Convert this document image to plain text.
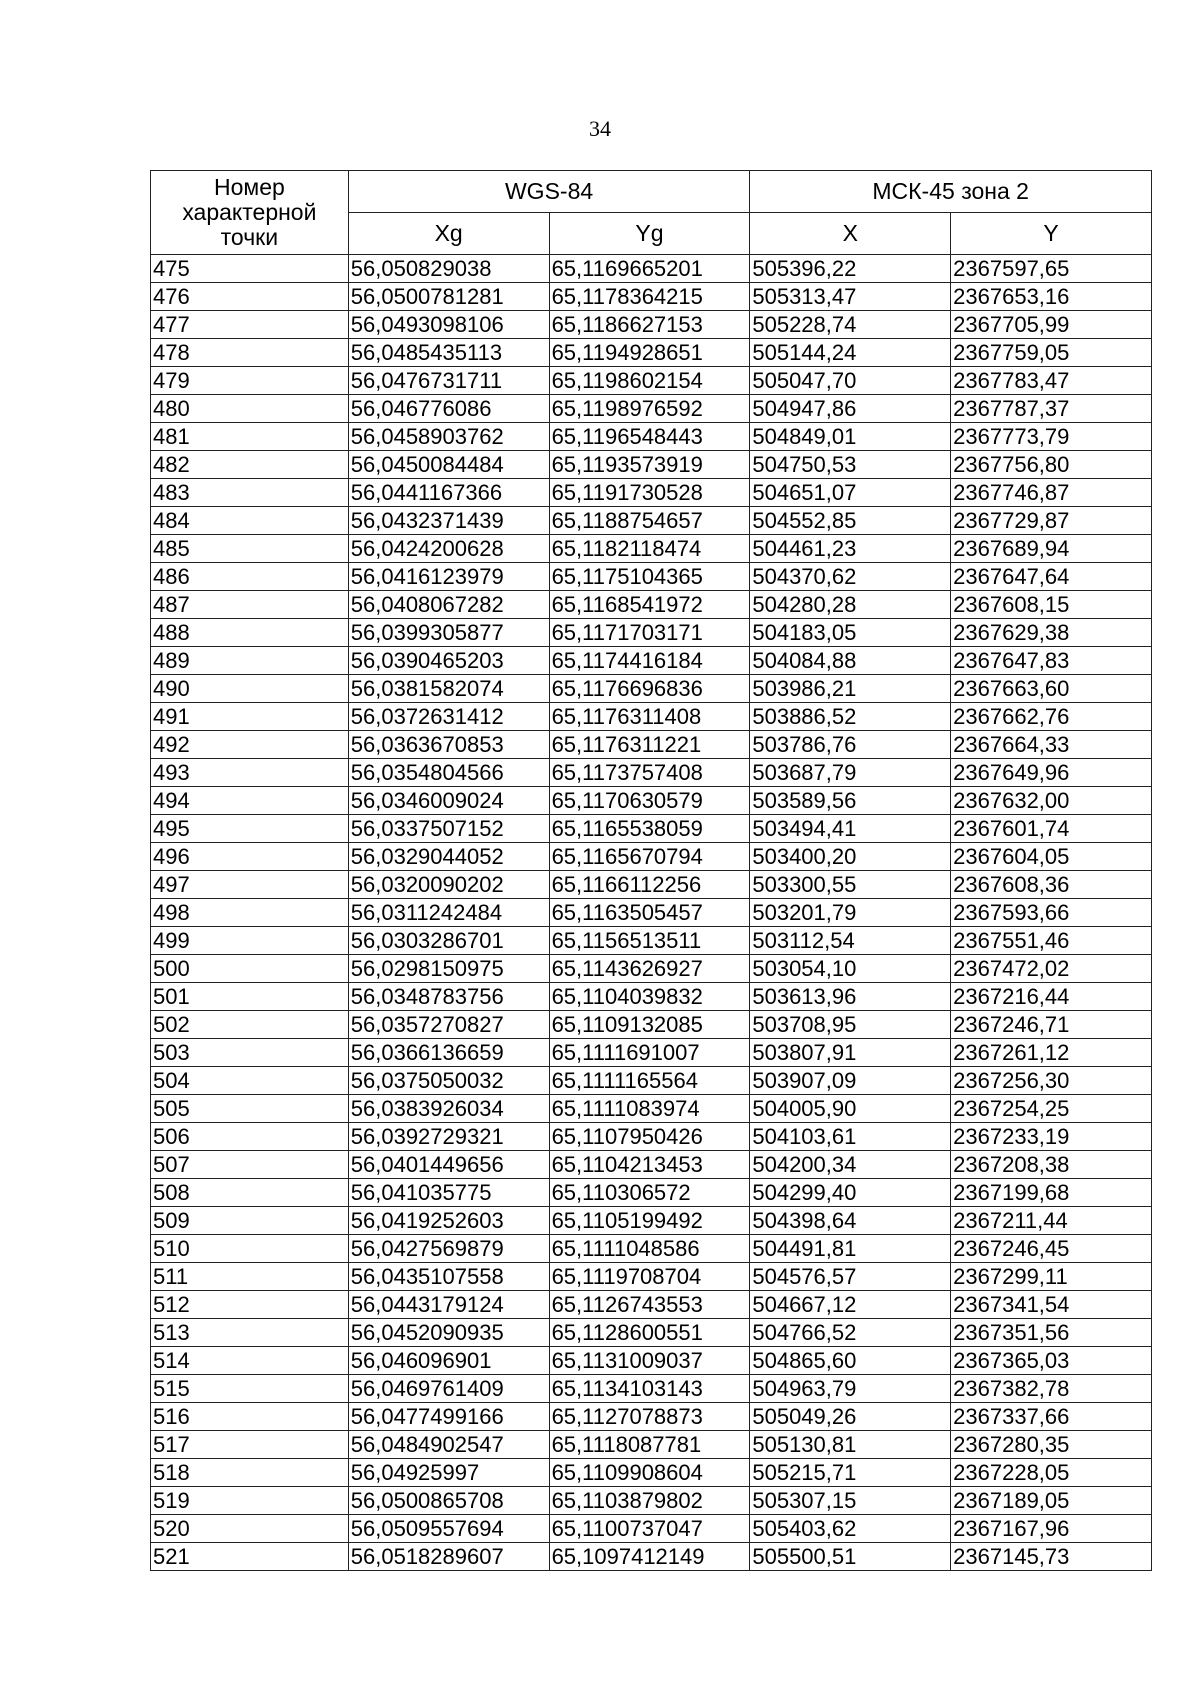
34
Номер характерной точки	WGS-84		МСК-45 зона 2	
	Xg	Yg	X	Y
475	56,050829038	65,1169665201	505396,22	2367597,65
476	56,0500781281	65,1178364215	505313,47	2367653,16
477	56,0493098106	65,1186627153	505228,74	2367705,99
478	56,0485435113	65,1194928651	505144,24	2367759,05
479	56,0476731711	65,1198602154	505047,70	2367783,47
480	56,046776086	65,1198976592	504947,86	2367787,37
481	56,0458903762	65,1196548443	504849,01	2367773,79
482	56,0450084484	65,1193573919	504750,53	2367756,80
483	56,0441167366	65,1191730528	504651,07	2367746,87
484	56,0432371439	65,1188754657	504552,85	2367729,87
485	56,0424200628	65,1182118474	504461,23	2367689,94
486	56,0416123979	65,1175104365	504370,62	2367647,64
487	56,0408067282	65,1168541972	504280,28	2367608,15
488	56,0399305877	65,1171703171	504183,05	2367629,38
489	56,0390465203	65,1174416184	504084,88	2367647,83
490	56,0381582074	65,1176696836	503986,21	2367663,60
491	56,0372631412	65,1176311408	503886,52	2367662,76
492	56,0363670853	65,1176311221	503786,76	2367664,33
493	56,0354804566	65,1173757408	503687,79	2367649,96
494	56,0346009024	65,1170630579	503589,56	2367632,00
495	56,0337507152	65,1165538059	503494,41	2367601,74
496	56,0329044052	65,1165670794	503400,20	2367604,05
497	56,0320090202	65,1166112256	503300,55	2367608,36
498	56,0311242484	65,1163505457	503201,79	2367593,66
499	56,0303286701	65,1156513511	503112,54	2367551,46
500	56,0298150975	65,1143626927	503054,10	2367472,02
501	56,0348783756	65,1104039832	503613,96	2367216,44
502	56,0357270827	65,1109132085	503708,95	2367246,71
503	56,0366136659	65,1111691007	503807,91	2367261,12
504	56,0375050032	65,1111165564	503907,09	2367256,30
505	56,0383926034	65,1111083974	504005,90	2367254,25
506	56,0392729321	65,1107950426	504103,61	2367233,19
507	56,0401449656	65,1104213453	504200,34	2367208,38
508	56,041035775	65,110306572	504299,40	2367199,68
509	56,0419252603	65,1105199492	504398,64	2367211,44
510	56,0427569879	65,1111048586	504491,81	2367246,45
511	56,0435107558	65,1119708704	504576,57	2367299,11
512	56,0443179124	65,1126743553	504667,12	2367341,54
513	56,0452090935	65,1128600551	504766,52	2367351,56
514	56,046096901	65,1131009037	504865,60	2367365,03
515	56,0469761409	65,1134103143	504963,79	2367382,78
516	56,0477499166	65,1127078873	505049,26	2367337,66
517	56,0484902547	65,1118087781	505130,81	2367280,35
518	56,04925997	65,1109908604	505215,71	2367228,05
519	56,0500865708	65,1103879802	505307,15	2367189,05
520	56,0509557694	65,1100737047	505403,62	2367167,96
521	56,0518289607	65,1097412149	505500,51	2367145,73
